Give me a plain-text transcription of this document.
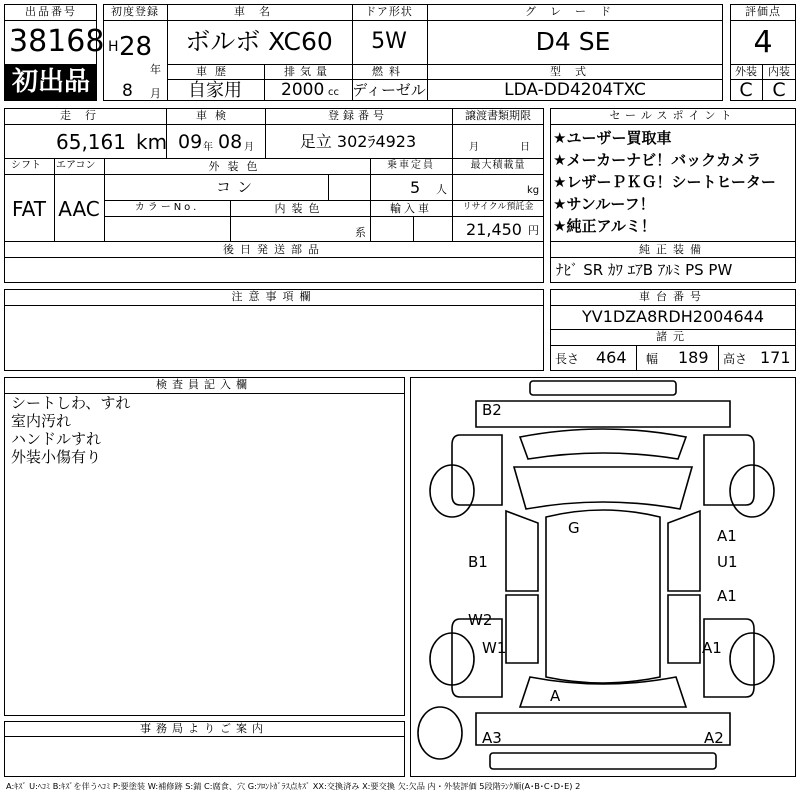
出品番号
38168
初出品
初度登録
H 28
年
8 月
車名
ボルボ XC60
ドア形状
5W
グレード
D4 SE
車歴
自家用
排気量
2000 cc
燃料
ディーゼル
型式
LDA-DD4204TXC
評価点
4
外装 内装
C C
走行
65,161 km
車検
09 年 08 月
登録番号
足立 302ﾗ4923
譲渡書類期限
月	日
シフト
FAT
エアコン
AAC
外装色
コン
乗車定員
5 人
最大積載量
kg
カラーNo.	内装色
系
輸入車	リサイクル預託金
21,450 円
後日発送部品
セールスポイント
★ユーザー買取車
★メーカーナビ！バックカメラ
★レザーＰＫＧ！シートヒーター
★サンルーフ！
★純正アルミ！
純正装備
ﾅﾋﾞ SR ｶﾜ ｴｱB ｱﾙﾐ PS PW
注意事項欄	車台番号
YV1DZA8RDH2004644
諸元
長さ 464 幅 189 高さ 171
検査員記入欄
シートしわ、すれ
室内汚れ
ハンドルすれ
外装小傷有り
事務局よりご案内
B2
G	A1
B1	U1
A1
W2
W1	A1
A
A3	A2
A:ｷｽﾞ U:ﾍｺﾐ B:ｷｽﾞを伴うﾍｺﾐ P:要塗装 W:補修跡 S:錆 C:腐食、穴 G:ﾌﾛﾝﾄｶﾞﾗｽ点ｷｽﾞ XX:交換済み X:要交換 欠:欠品 内・外装評価 5段階ﾗﾝｸ順(A･B･C･D･E) 2
